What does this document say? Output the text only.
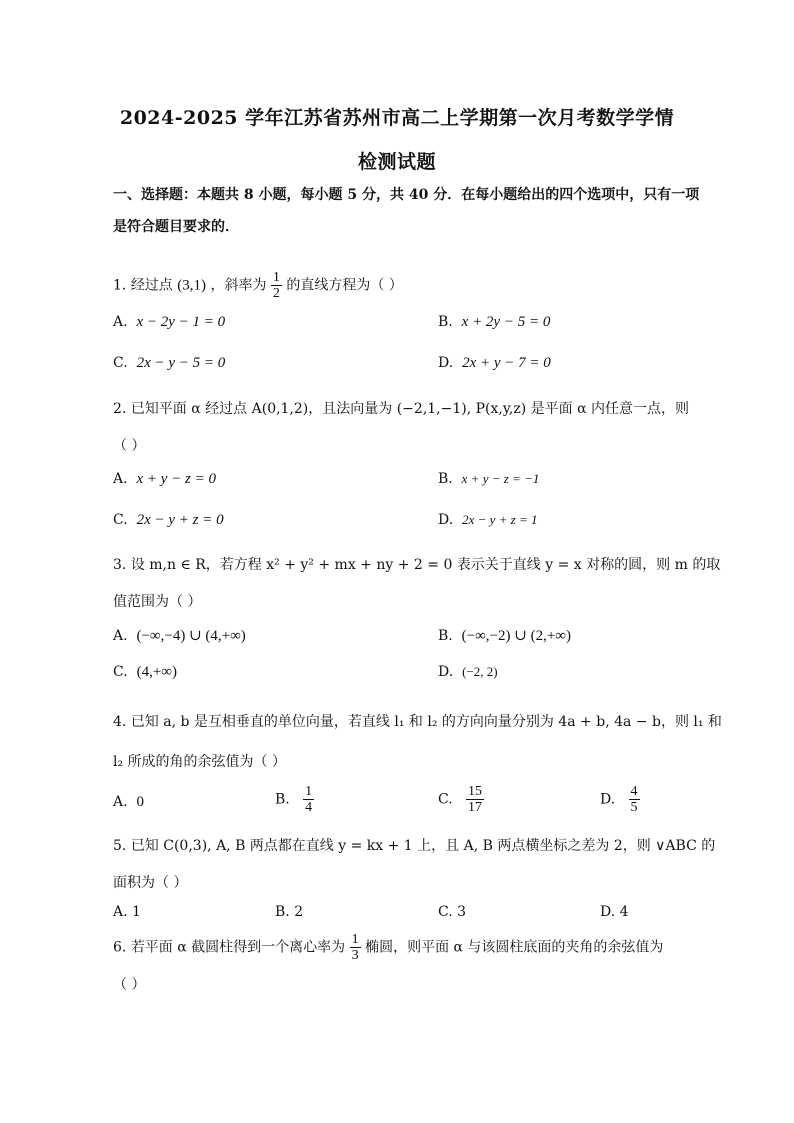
2024-2025 学年江苏省苏州市高二上学期第一次月考数学学情
检测试题
一、选择题：本题共 8 小题，每小题 5 分，共 40 分．在每小题给出的四个选项中，只有一项
是符合题目要求的．
1. 经过点 (3,1) ，斜率为 $\frac{1}{2}$ 的直线方程为（ ）
A. x − 2y − 1 = 0	B. x + 2y − 5 = 0
C. 2x − y − 5 = 0	D. 2x + y − 7 = 0
2. 已知平面 α 经过点 A(0,1,2)，且法向量为 (−2,1,−1), P(x,y,z) 是平面 α 内任意一点，则
（ ）
A. x + y − z = 0	B. x + y − z = −1
C. 2x − y + z = 0	D. 2x − y + z = 1
3. 设 m,n ∈ R，若方程 x² + y² + mx + ny + 2 = 0 表示关于直线 y = x 对称的圆，则 m 的取
值范围为（ ）
A. (−∞,−4) ∪ (4,+∞)	B. (−∞,−2) ∪ (2,+∞)
C. (4,+∞)	D. (−2, 2)
4. 已知 a, b 是互相垂直的单位向量，若直线 l₁ 和 l₂ 的方向向量分别为 4a + b, 4a − b，则 l₁ 和
l₂ 所成的角的余弦值为（ ）
A. 0	B. $\frac{1}{4}$	C. $\frac{15}{17}$	D. $\frac{4}{5}$
5. 已知 C(0,3), A, B 两点都在直线 y = kx + 1 上，且 A, B 两点横坐标之差为 2，则 ∨ABC 的
面积为（ ）
A. 1	B. 2	C. 3	D. 4
6. 若平面 α 截圆柱得到一个离心率为 $\frac{1}{3}$ 椭圆，则平面 α 与该圆柱底面的夹角的余弦值为
（ ）
